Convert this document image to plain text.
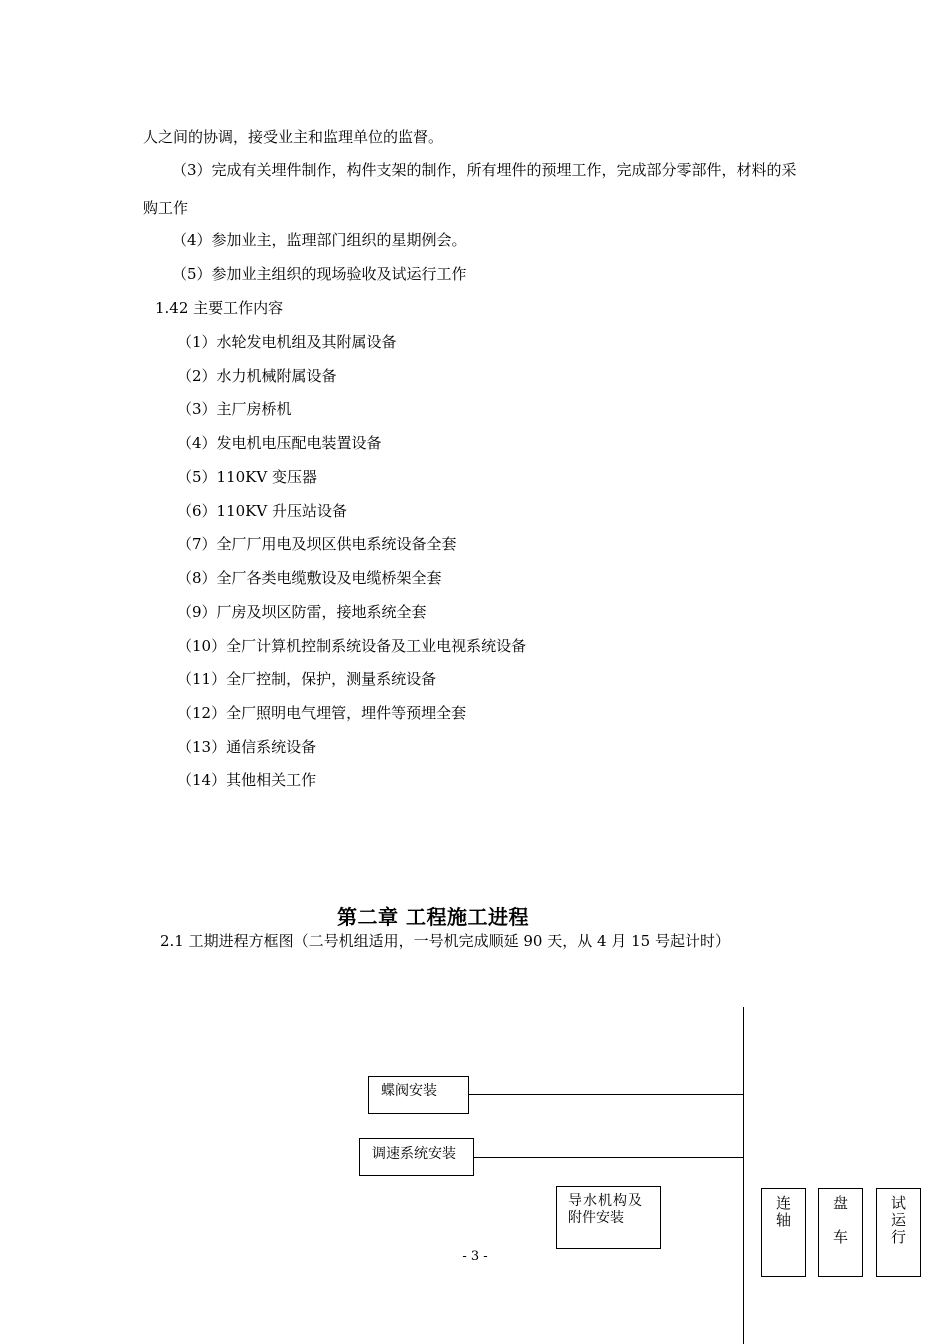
人之间的协调，接受业主和监理单位的监督。
（3）完成有关埋件制作，构件支架的制作，所有埋件的预埋工作，完成部分零部件，材料的采
购工作
（4）参加业主，监理部门组织的星期例会。
（5）参加业主组织的现场验收及试运行工作
1.42 主要工作内容
（1）水轮发电机组及其附属设备
（2）水力机械附属设备
（3）主厂房桥机
（4）发电机电压配电装置设备
（5）110KV 变压器
（6）110KV 升压站设备
（7）全厂厂用电及坝区供电系统设备全套
（8）全厂各类电缆敷设及电缆桥架全套
（9）厂房及坝区防雷，接地系统全套
（10）全厂计算机控制系统设备及工业电视系统设备
（11）全厂控制，保护，测量系统设备
（12）全厂照明电气埋管，埋件等预埋全套
（13）通信系统设备
（14）其他相关工作
第二章 工程施工进程
2.1 工期进程方框图（二号机组适用，一号机完成顺延 90 天，从 4 月 15 号起计时）
蝶阀安装
调速系统安装
导水机构及
附件安装
连
轴
盘
车
试
运
行
- 3 -
